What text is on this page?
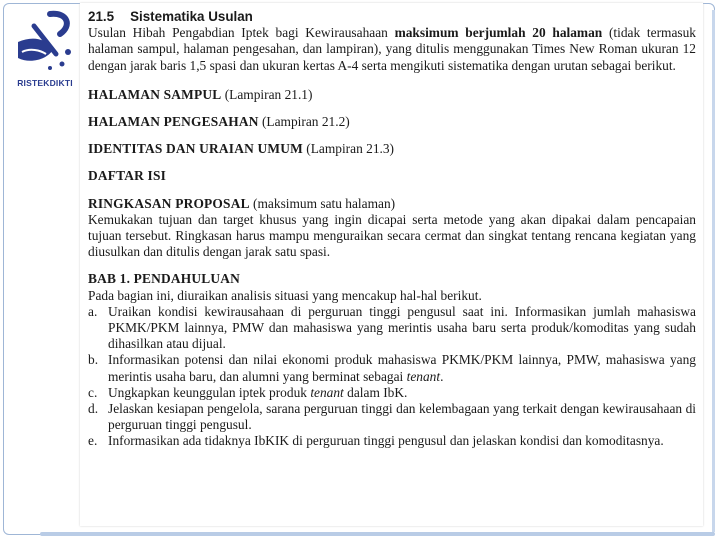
RISTEKDIKTI
21.5 Sistematika Usulan

Usulan Hibah Pengabdian Iptek bagi Kewirausahaan maksimum berjumlah 20 halaman (tidak termasuk halaman sampul, halaman pengesahan, dan lampiran), yang ditulis menggunakan Times New Roman ukuran 12 dengan jarak baris 1,5 spasi dan ukuran kertas A-4 serta mengikuti sistematika dengan urutan sebagai berikut.

HALAMAN SAMPUL (Lampiran 21.1)
HALAMAN PENGESAHAN (Lampiran 21.2)
IDENTITAS DAN URAIAN UMUM (Lampiran 21.3)
DAFTAR ISI
RINGKASAN PROPOSAL (maksimum satu halaman)

Kemukakan tujuan dan target khusus yang ingin dicapai serta metode yang akan dipakai dalam pencapaian tujuan tersebut. Ringkasan harus mampu menguraikan secara cermat dan singkat tentang rencana kegiatan yang diusulkan dan ditulis dengan jarak satu spasi.

BAB 1. PENDAHULUAN

Pada bagian ini, diuraikan analisis situasi yang mencakup hal-hal berikut.

a. Uraikan kondisi kewirausahaan di perguruan tinggi pengusul saat ini. Informasikan jumlah mahasiswa PKMK/PKM lainnya, PMW dan mahasiswa yang merintis usaha baru serta produk/komoditas yang sudah dihasilkan atau dijual.
b. Informasikan potensi dan nilai ekonomi produk mahasiswa PKMK/PKM lainnya, PMW, mahasiswa yang merintis usaha baru, dan alumni yang berminat sebagai tenant.
c. Ungkapkan keunggulan iptek produk tenant dalam IbK.
d. Jelaskan kesiapan pengelola, sarana perguruan tinggi dan kelembagaan yang terkait dengan kewirausahaan di perguruan tinggi pengusul.
e. Informasikan ada tidaknya IbKIK di perguruan tinggi pengusul dan jelaskan kondisi dan komoditasnya.
